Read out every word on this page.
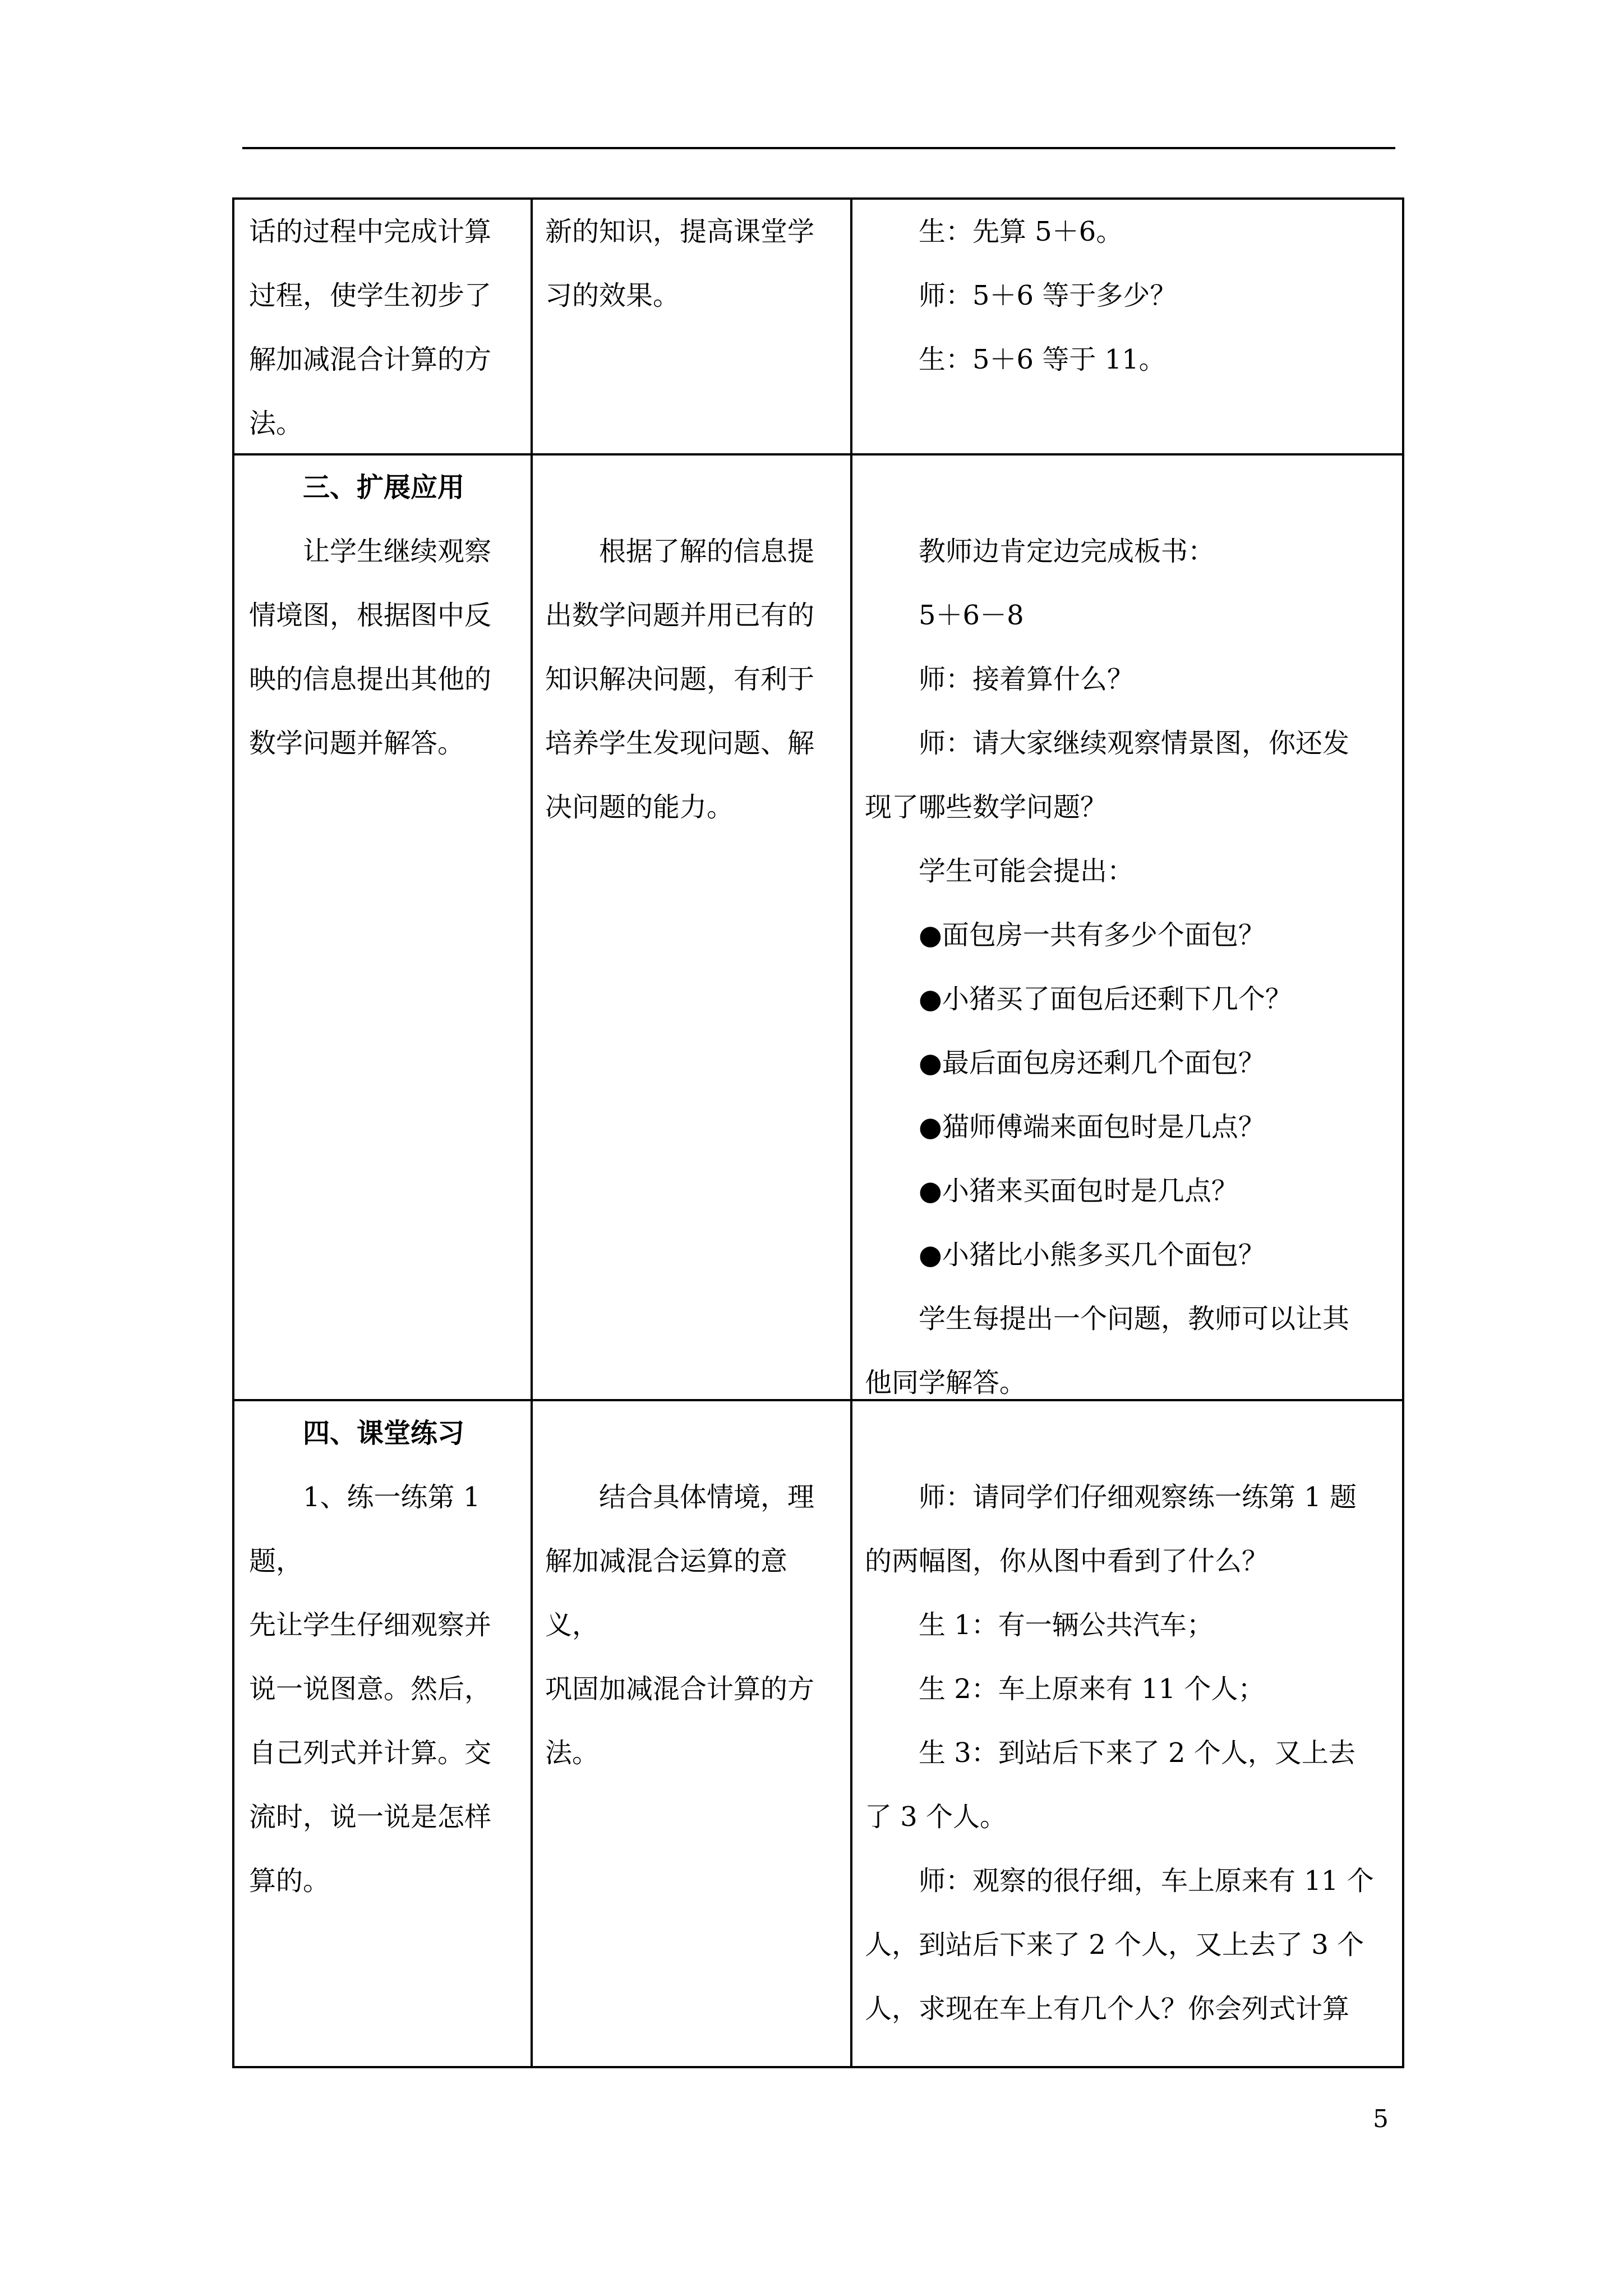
话的过程中完成计算

过程，使学生初步了

解加减混合计算的方

法。

新的知识，提高课堂学

习的效果。

生：先算 5＋6。

师：5＋6 等于多少？

生：5＋6 等于 11。

三、扩展应用

让学生继续观察

情境图，根据图中反

映的信息提出其他的

数学问题并解答。

根据了解的信息提

出数学问题并用已有的

知识解决问题，有利于

培养学生发现问题、解

决问题的能力。

教师边肯定边完成板书：

5＋6－8

师：接着算什么？

师：请大家继续观察情景图，你还发

现了哪些数学问题？

学生可能会提出：

●面包房一共有多少个面包？

●小猪买了面包后还剩下几个？

●最后面包房还剩几个面包？

●猫师傅端来面包时是几点？

●小猪来买面包时是几点？

●小猪比小熊多买几个面包？

学生每提出一个问题，教师可以让其

他同学解答。

四、课堂练习

1、练一练第 1 题，

先让学生仔细观察并

说一说图意。然后，

自己列式并计算。交

流时，说一说是怎样

算的。

结合具体情境，理

解加减混合运算的意义，

巩固加减混合计算的方

法。

师：请同学们仔细观察练一练第 1 题

的两幅图，你从图中看到了什么？

生 1：有一辆公共汽车；

生 2：车上原来有 11 个人；

生 3：到站后下来了 2 个人，又上去

了 3 个人。

师：观察的很仔细，车上原来有 11 个

人，到站后下来了 2 个人，又上去了 3 个

人，求现在车上有几个人？你会列式计算

5
